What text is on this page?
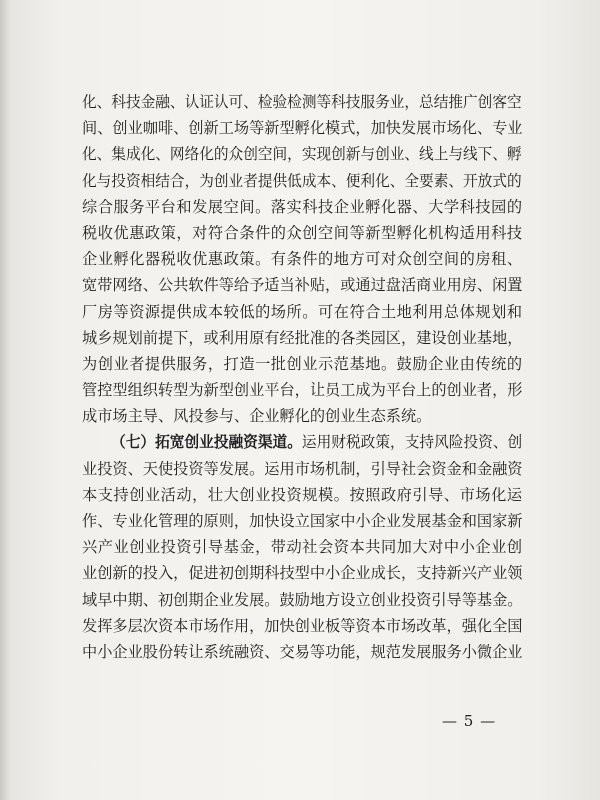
化、科技金融、认证认可、检验检测等科技服务业，总结推广创客空
间、创业咖啡、创新工场等新型孵化模式，加快发展市场化、专业
化、集成化、网络化的众创空间，实现创新与创业、线上与线下、孵
化与投资相结合，为创业者提供低成本、便利化、全要素、开放式的
综合服务平台和发展空间。落实科技企业孵化器、大学科技园的
税收优惠政策，对符合条件的众创空间等新型孵化机构适用科技
企业孵化器税收优惠政策。有条件的地方可对众创空间的房租、
宽带网络、公共软件等给予适当补贴，或通过盘活商业用房、闲置
厂房等资源提供成本较低的场所。可在符合土地利用总体规划和
城乡规划前提下，或利用原有经批准的各类园区，建设创业基地，
为创业者提供服务，打造一批创业示范基地。鼓励企业由传统的
管控型组织转型为新型创业平台，让员工成为平台上的创业者，形
成市场主导、风投参与、企业孵化的创业生态系统。
（七）拓宽创业投融资渠道。运用财税政策，支持风险投资、创
业投资、天使投资等发展。运用市场机制，引导社会资金和金融资
本支持创业活动，壮大创业投资规模。按照政府引导、市场化运
作、专业化管理的原则，加快设立国家中小企业发展基金和国家新
兴产业创业投资引导基金，带动社会资本共同加大对中小企业创
业创新的投入，促进初创期科技型中小企业成长，支持新兴产业领
域早中期、初创期企业发展。鼓励地方设立创业投资引导等基金。
发挥多层次资本市场作用，加快创业板等资本市场改革，强化全国
中小企业股份转让系统融资、交易等功能，规范发展服务小微企业
— 5 —
